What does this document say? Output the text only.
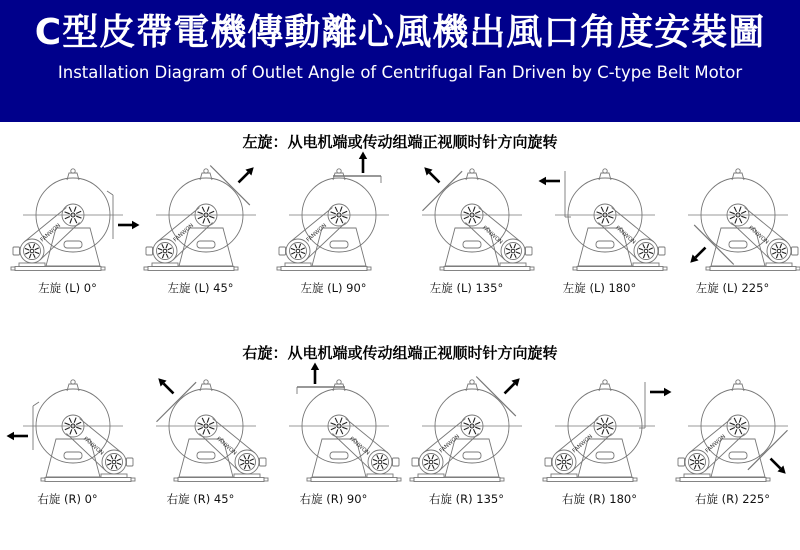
C型皮帶電機傳動離心風機出風口角度安裝圖
Installation Diagram of Outlet Angle of Centrifugal Fan Driven by C-type Belt Motor
左旋：从电机端或传动组端正视顺时针方向旋转
FANWON
左旋 (L) 0°
FANWON
左旋 (L) 45°
FANWON
左旋 (L) 90°
FANWON
左旋 (L) 135°
FANWON
左旋 (L) 180°
FANWON
左旋 (L) 225°
右旋：从电机端或传动组端正视顺时针方向旋转
FANWON
右旋 (R) 0°
FANWON
右旋 (R) 45°
FANWON
右旋 (R) 90°
FANWON
右旋 (R) 135°
FANWON
右旋 (R) 180°
FANWON
右旋 (R) 225°
